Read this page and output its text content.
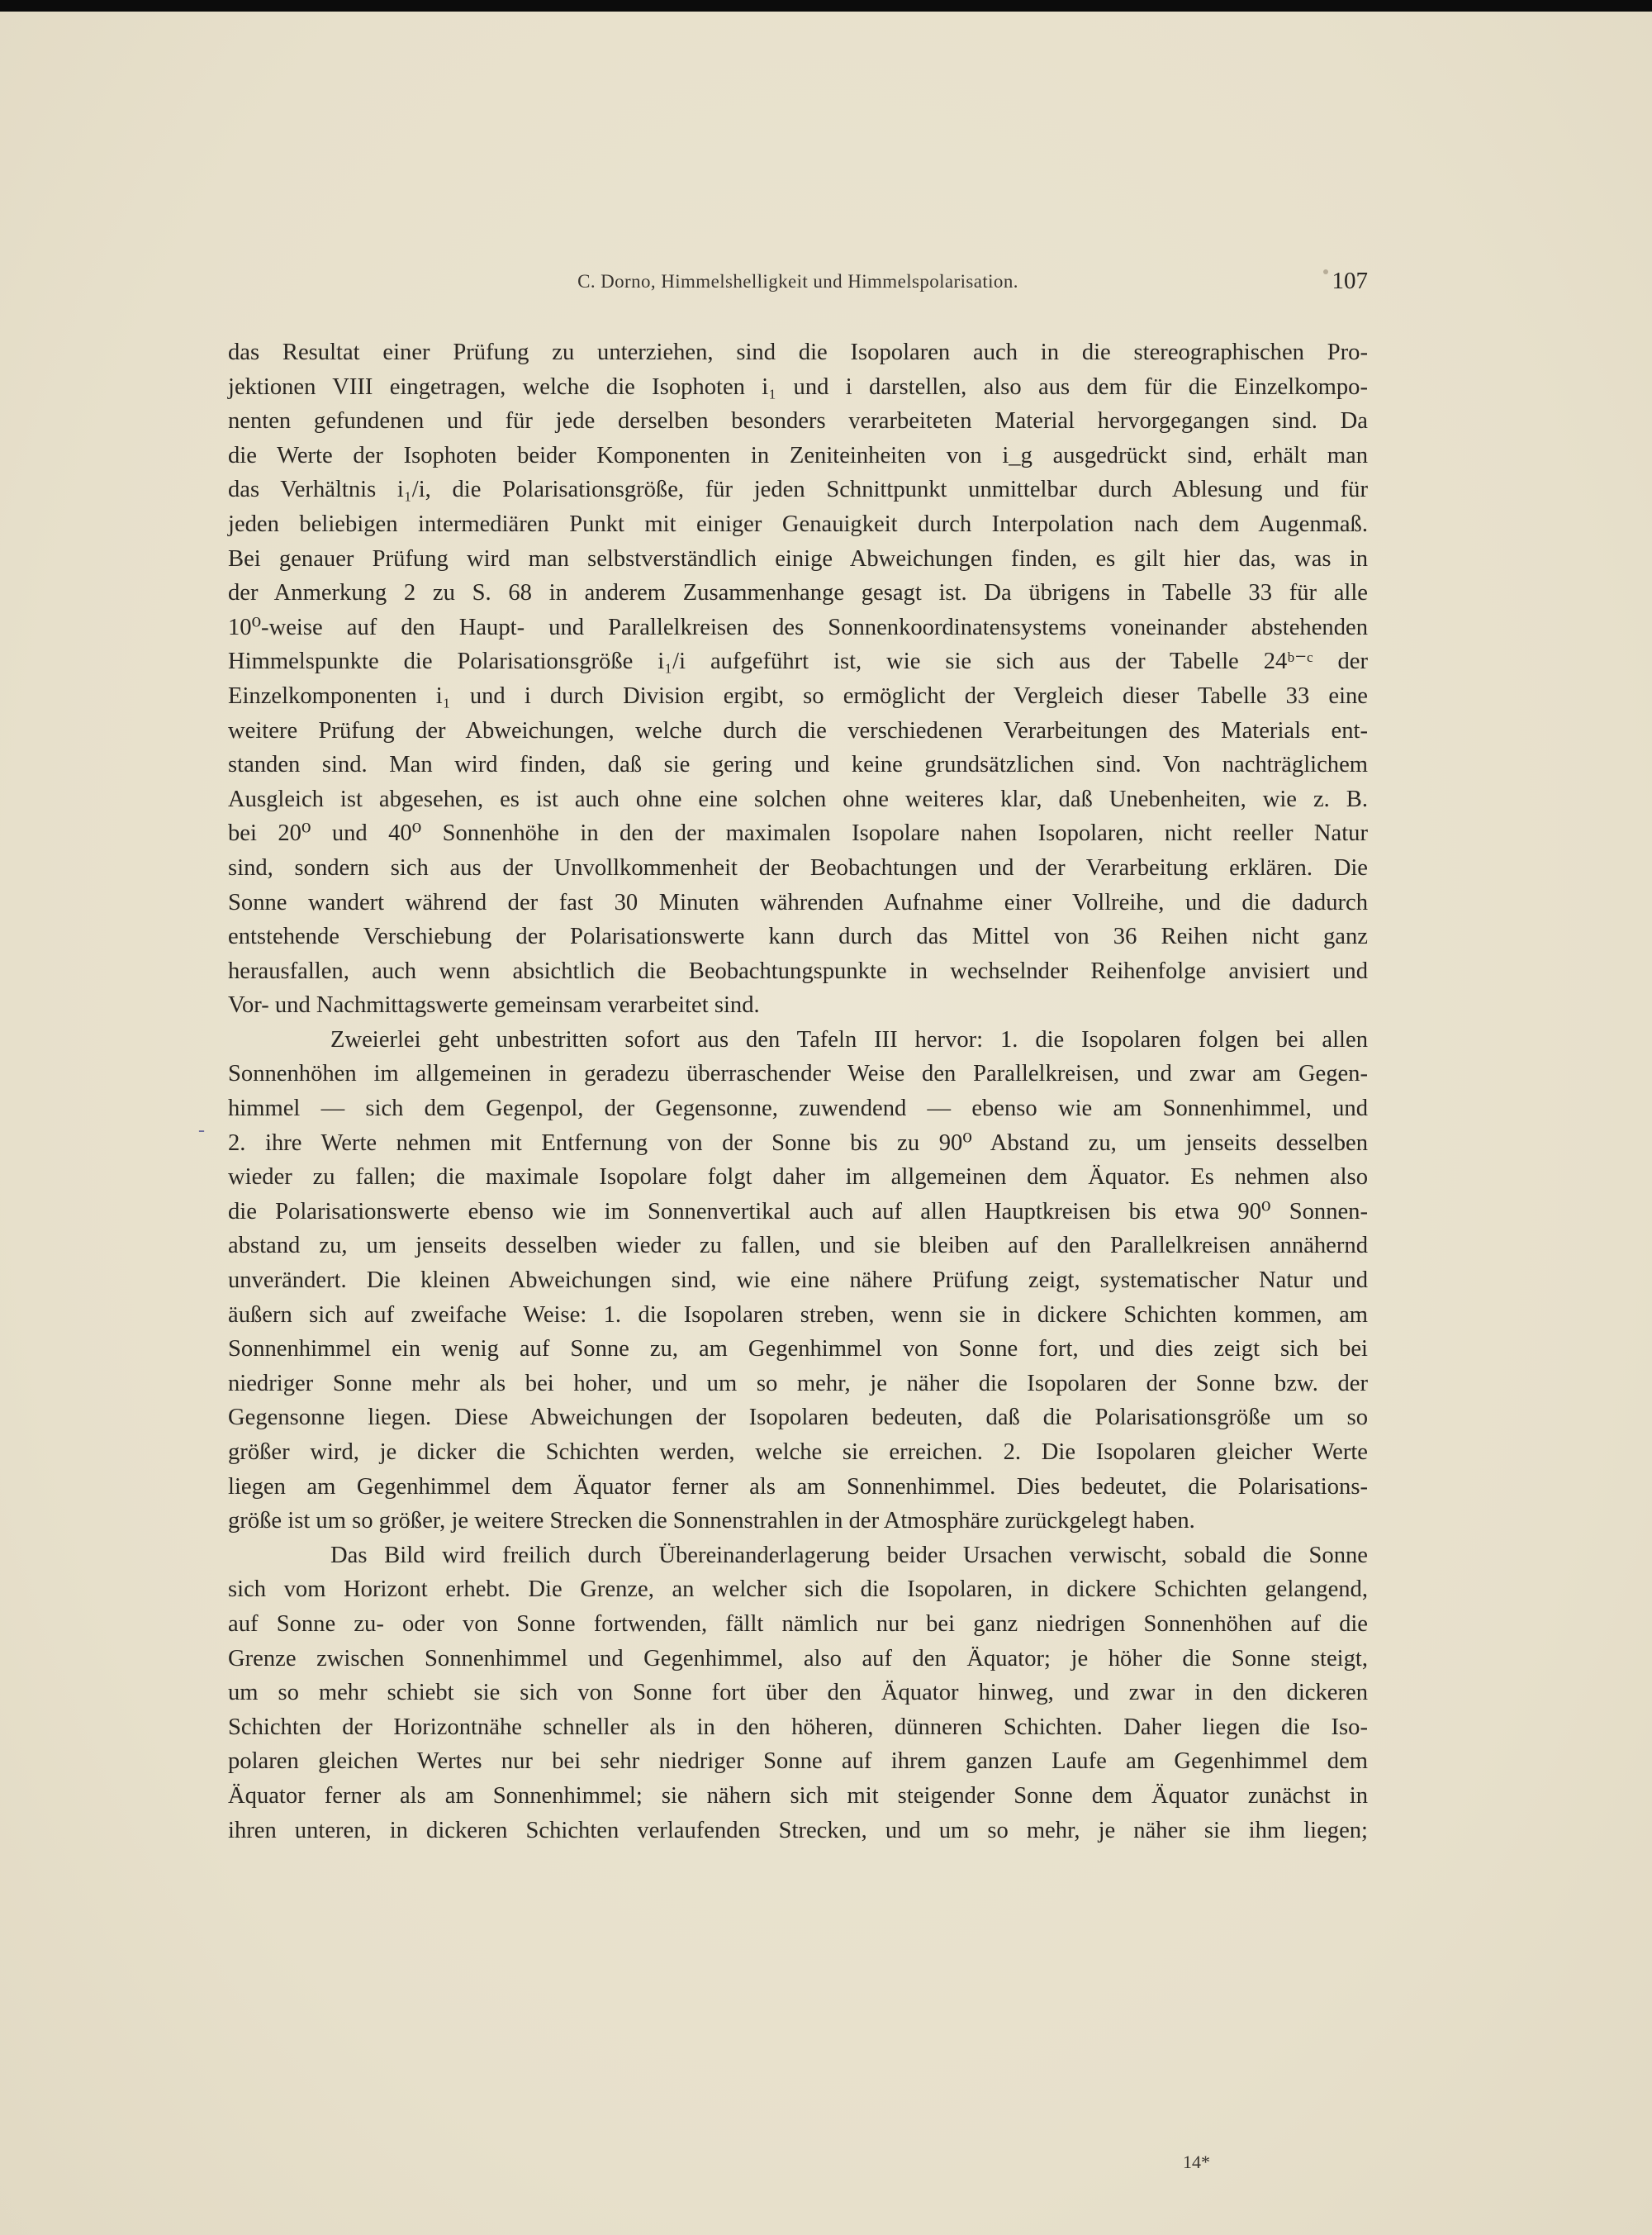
C. Dorno, Himmelshelligkeit und Himmelspolarisation.	107
-
das Resultat einer Prüfung zu unterziehen, sind die Isopolaren auch in die stereographischen Pro-
jektionen VIII eingetragen, welche die Isophoten i₁ und i darstellen, also aus dem für die Einzelkompo-
nenten gefundenen und für jede derselben besonders verarbeiteten Material hervorgegangen sind. Da
die Werte der Isophoten beider Komponenten in Zeniteinheiten von i_g ausgedrückt sind, erhält man
das Verhältnis i₁/i, die Polarisationsgröße, für jeden Schnittpunkt unmittelbar durch Ablesung und für
jeden beliebigen intermediären Punkt mit einiger Genauigkeit durch Interpolation nach dem Augenmaß.
Bei genauer Prüfung wird man selbstverständlich einige Abweichungen finden, es gilt hier das, was in
der Anmerkung 2 zu S. 68 in anderem Zusammenhange gesagt ist. Da übrigens in Tabelle 33 für alle
10⁰-weise auf den Haupt- und Parallelkreisen des Sonnenkoordinatensystems voneinander abstehenden
Himmelspunkte die Polarisationsgröße i₁/i aufgeführt ist, wie sie sich aus der Tabelle 24ᵇ⁻ᶜ der
Einzelkomponenten i₁ und i durch Division ergibt, so ermöglicht der Vergleich dieser Tabelle 33 eine
weitere Prüfung der Abweichungen, welche durch die verschiedenen Verarbeitungen des Materials ent-
standen sind. Man wird finden, daß sie gering und keine grundsätzlichen sind. Von nachträglichem
Ausgleich ist abgesehen, es ist auch ohne eine solchen ohne weiteres klar, daß Unebenheiten, wie z. B.
bei 20⁰ und 40⁰ Sonnenhöhe in den der maximalen Isopolare nahen Isopolaren, nicht reeller Natur
sind, sondern sich aus der Unvollkommenheit der Beobachtungen und der Verarbeitung erklären. Die
Sonne wandert während der fast 30 Minuten währenden Aufnahme einer Vollreihe, und die dadurch
entstehende Verschiebung der Polarisationswerte kann durch das Mittel von 36 Reihen nicht ganz
herausfallen, auch wenn absichtlich die Beobachtungspunkte in wechselnder Reihenfolge anvisiert und
Vor- und Nachmittagswerte gemeinsam verarbeitet sind.
Zweierlei geht unbestritten sofort aus den Tafeln III hervor: 1. die Isopolaren folgen bei allen
Sonnenhöhen im allgemeinen in geradezu überraschender Weise den Parallelkreisen, und zwar am Gegen-
himmel — sich dem Gegenpol, der Gegensonne, zuwendend — ebenso wie am Sonnenhimmel, und
2. ihre Werte nehmen mit Entfernung von der Sonne bis zu 90⁰ Abstand zu, um jenseits desselben
wieder zu fallen; die maximale Isopolare folgt daher im allgemeinen dem Äquator. Es nehmen also
die Polarisationswerte ebenso wie im Sonnenvertikal auch auf allen Hauptkreisen bis etwa 90⁰ Sonnen-
abstand zu, um jenseits desselben wieder zu fallen, und sie bleiben auf den Parallelkreisen annähernd
unverändert. Die kleinen Abweichungen sind, wie eine nähere Prüfung zeigt, systematischer Natur und
äußern sich auf zweifache Weise: 1. die Isopolaren streben, wenn sie in dickere Schichten kommen, am
Sonnenhimmel ein wenig auf Sonne zu, am Gegenhimmel von Sonne fort, und dies zeigt sich bei
niedriger Sonne mehr als bei hoher, und um so mehr, je näher die Isopolaren der Sonne bzw. der
Gegensonne liegen. Diese Abweichungen der Isopolaren bedeuten, daß die Polarisationsgröße um so
größer wird, je dicker die Schichten werden, welche sie erreichen. 2. Die Isopolaren gleicher Werte
liegen am Gegenhimmel dem Äquator ferner als am Sonnenhimmel. Dies bedeutet, die Polarisations-
größe ist um so größer, je weitere Strecken die Sonnenstrahlen in der Atmosphäre zurückgelegt haben.
Das Bild wird freilich durch Übereinanderlagerung beider Ursachen verwischt, sobald die Sonne
sich vom Horizont erhebt. Die Grenze, an welcher sich die Isopolaren, in dickere Schichten gelangend,
auf Sonne zu- oder von Sonne fortwenden, fällt nämlich nur bei ganz niedrigen Sonnenhöhen auf die
Grenze zwischen Sonnenhimmel und Gegenhimmel, also auf den Äquator; je höher die Sonne steigt,
um so mehr schiebt sie sich von Sonne fort über den Äquator hinweg, und zwar in den dickeren
Schichten der Horizontnähe schneller als in den höheren, dünneren Schichten. Daher liegen die Iso-
polaren gleichen Wertes nur bei sehr niedriger Sonne auf ihrem ganzen Laufe am Gegenhimmel dem
Äquator ferner als am Sonnenhimmel; sie nähern sich mit steigender Sonne dem Äquator zunächst in
ihren unteren, in dickeren Schichten verlaufenden Strecken, und um so mehr, je näher sie ihm liegen;
14*
